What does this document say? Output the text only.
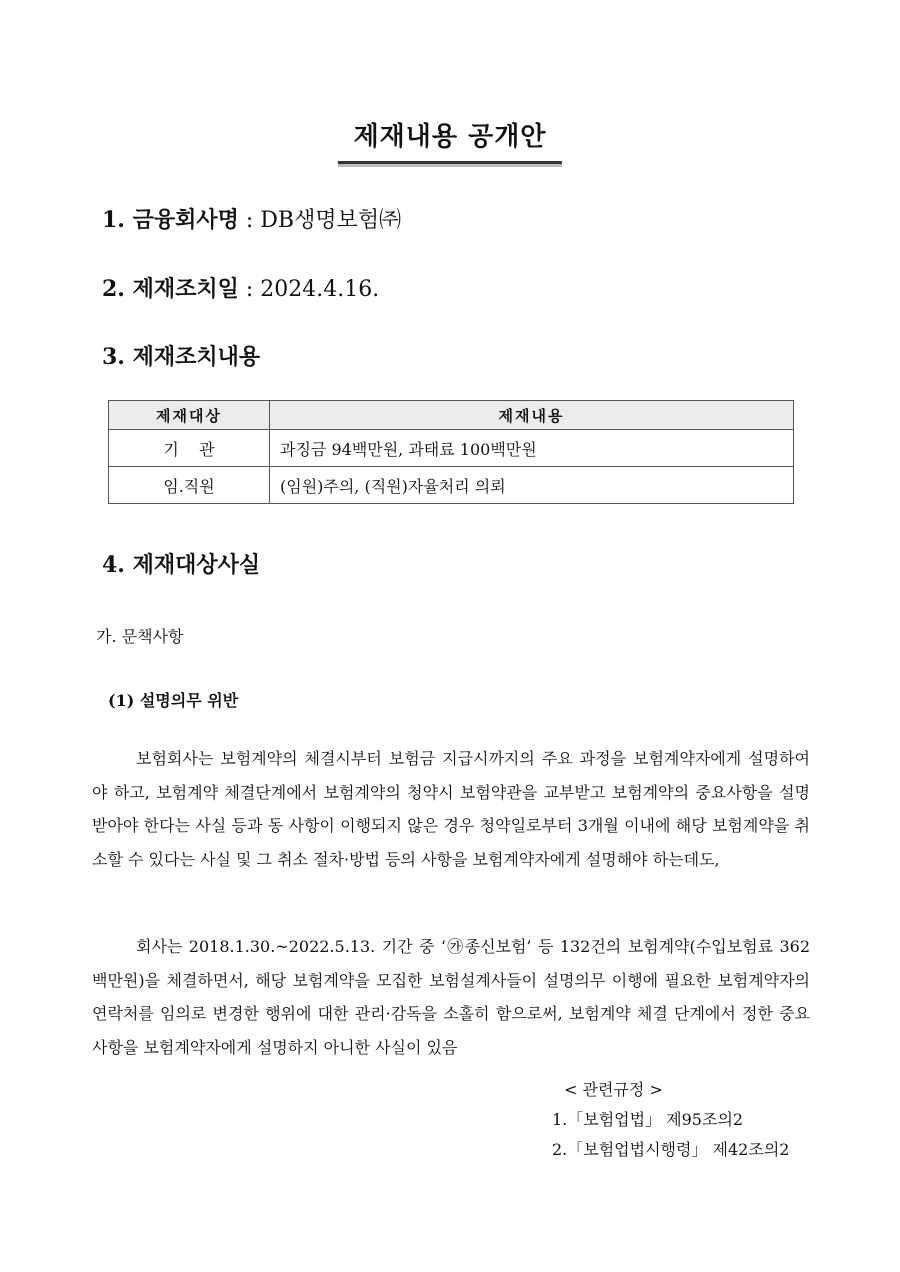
제재내용 공개안
1. 금융회사명 : DB생명보험㈜
2. 제재조치일 : 2024.4.16.
3. 제재조치내용
제재대상	제재내용
기    관	과징금 94백만원, 과태료 100백만원
임.직원	(임원)주의, (직원)자율처리 의뢰
4. 제재대상사실
가. 문책사항
(1) 설명의무 위반

보험회사는 보험계약의 체결시부터 보험금 지급시까지의 주요 과정을 보험계약자에게 설명하여야 하고, 보험계약 체결단계에서 보험계약의 청약시 보험약관을 교부받고 보험계약의 중요사항을 설명받아야 한다는 사실 등과 동 사항이 이행되지 않은 경우 청약일로부터 3개월 이내에 해당 보험계약을 취소할 수 있다는 사실 및 그 취소 절차·방법 등의 사항을 보험계약자에게 설명해야 하는데도,

회사는 2018.1.30.~2022.5.13. 기간 중 ‘㉮종신보험’ 등 132건의 보험계약(수입보험료 362백만원)을 체결하면서, 해당 보험계약을 모집한 보험설계사들이 설명의무 이행에 필요한 보험계약자의 연락처를 임의로 변경한 행위에 대한 관리·감독을 소홀히 함으로써, 보험계약 체결 단계에서 정한 중요사항을 보험계약자에게 설명하지 아니한 사실이 있음

< 관련규정 >
1.「보험업법」 제95조의2
2.「보험업법시행령」 제42조의2
